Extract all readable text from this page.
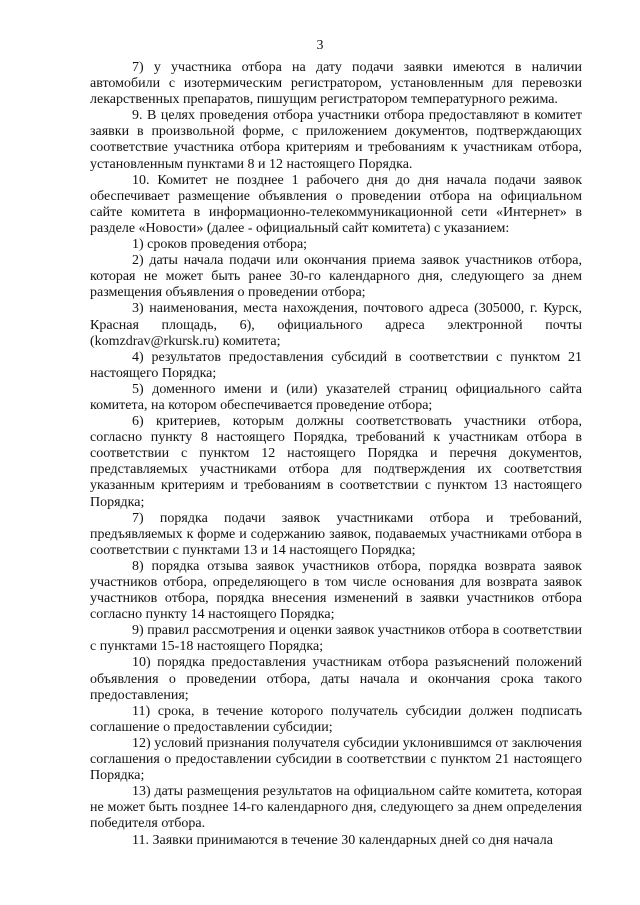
3

7) у участника отбора на дату подачи заявки имеются в наличии автомобили с изотермическим регистратором, установленным для перевозки лекарственных препаратов, пишущим регистратором температурного режима.

9. В целях проведения отбора участники отбора предоставляют в комитет заявки в произвольной форме, с приложением документов, подтверждающих соответствие участника отбора критериям и требованиям к участникам отбора, установленным пунктами 8 и 12 настоящего Порядка.

10. Комитет не позднее 1 рабочего дня до дня начала подачи заявок обеспечивает размещение объявления о проведении отбора на официальном сайте комитета в информационно-телекоммуникационной сети «Интернет» в разделе «Новости» (далее - официальный сайт комитета) с указанием:

1) сроков проведения отбора;

2) даты начала подачи или окончания приема заявок участников отбора, которая не может быть ранее 30-го календарного дня, следующего за днем размещения объявления о проведении отбора;

3) наименования, места нахождения, почтового адреса (305000, г. Курск, Красная площадь, 6), официального адреса электронной почты (komzdrav@rkursk.ru) комитета;

4) результатов предоставления субсидий в соответствии с пунктом 21 настоящего Порядка;

5) доменного имени и (или) указателей страниц официального сайта комитета, на котором обеспечивается проведение отбора;

6) критериев, которым должны соответствовать участники отбора, согласно пункту 8 настоящего Порядка, требований к участникам отбора в соответствии с пунктом 12 настоящего Порядка и перечня документов, представляемых участниками отбора для подтверждения их соответствия указанным критериям и требованиям в соответствии с пунктом 13 настоящего Порядка;

7) порядка подачи заявок участниками отбора и требований, предъявляемых к форме и содержанию заявок, подаваемых участниками отбора в соответствии с пунктами 13 и 14 настоящего Порядка;

8) порядка отзыва заявок участников отбора, порядка возврата заявок участников отбора, определяющего в том числе основания для возврата заявок участников отбора, порядка внесения изменений в заявки участников отбора согласно пункту 14 настоящего Порядка;

9) правил рассмотрения и оценки заявок участников отбора в соответствии с пунктами 15-18 настоящего Порядка;

10) порядка предоставления участникам отбора разъяснений положений объявления о проведении отбора, даты начала и окончания срока такого предоставления;

11) срока, в течение которого получатель субсидии должен подписать соглашение о предоставлении субсидии;

12) условий признания получателя субсидии уклонившимся от заключения соглашения о предоставлении субсидии в соответствии с пунктом 21 настоящего Порядка;

13) даты размещения результатов на официальном сайте комитета, которая не может быть позднее 14-го календарного дня, следующего за днем определения победителя отбора.

11. Заявки принимаются в течение 30 календарных дней со дня начала
